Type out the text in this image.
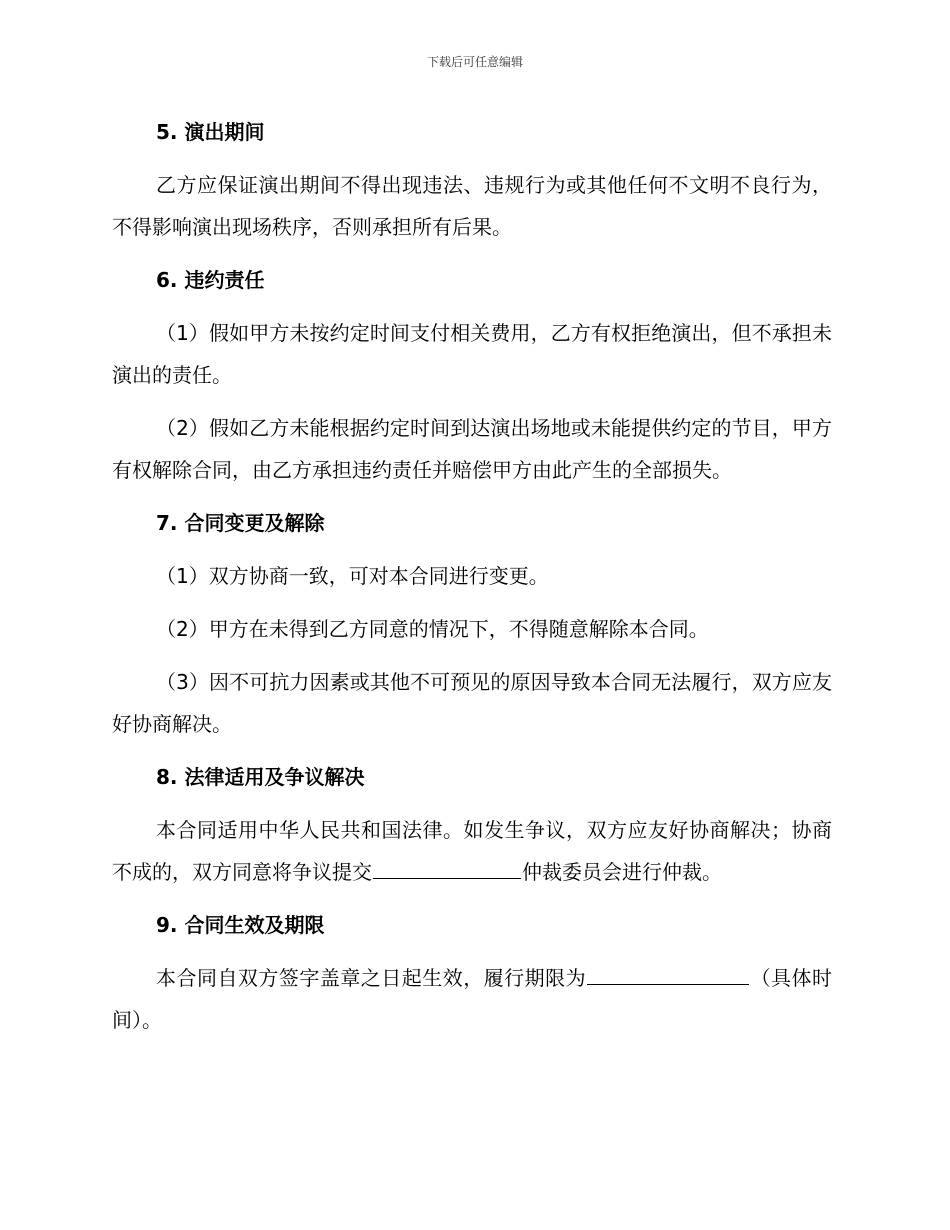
下载后可任意编辑
5. 演出期间

乙方应保证演出期间不得出现违法、违规行为或其他任何不文明不良行为，不得影响演出现场秩序，否则承担所有后果。

6. 违约责任

（1）假如甲方未按约定时间支付相关费用，乙方有权拒绝演出，但不承担未演出的责任。

（2）假如乙方未能根据约定时间到达演出场地或未能提供约定的节目，甲方有权解除合同，由乙方承担违约责任并赔偿甲方由此产生的全部损失。

7. 合同变更及解除

（1）双方协商一致，可对本合同进行变更。

（2）甲方在未得到乙方同意的情况下，不得随意解除本合同。

（3）因不可抗力因素或其他不可预见的原因导致本合同无法履行，双方应友好协商解决。

8. 法律适用及争议解决

本合同适用中华人民共和国法律。如发生争议，双方应友好协商解决；协商不成的，双方同意将争议提交	仲裁委员会进行仲裁。

9. 合同生效及期限

本合同自双方签字盖章之日起生效，履行期限为	（具体时间）。
